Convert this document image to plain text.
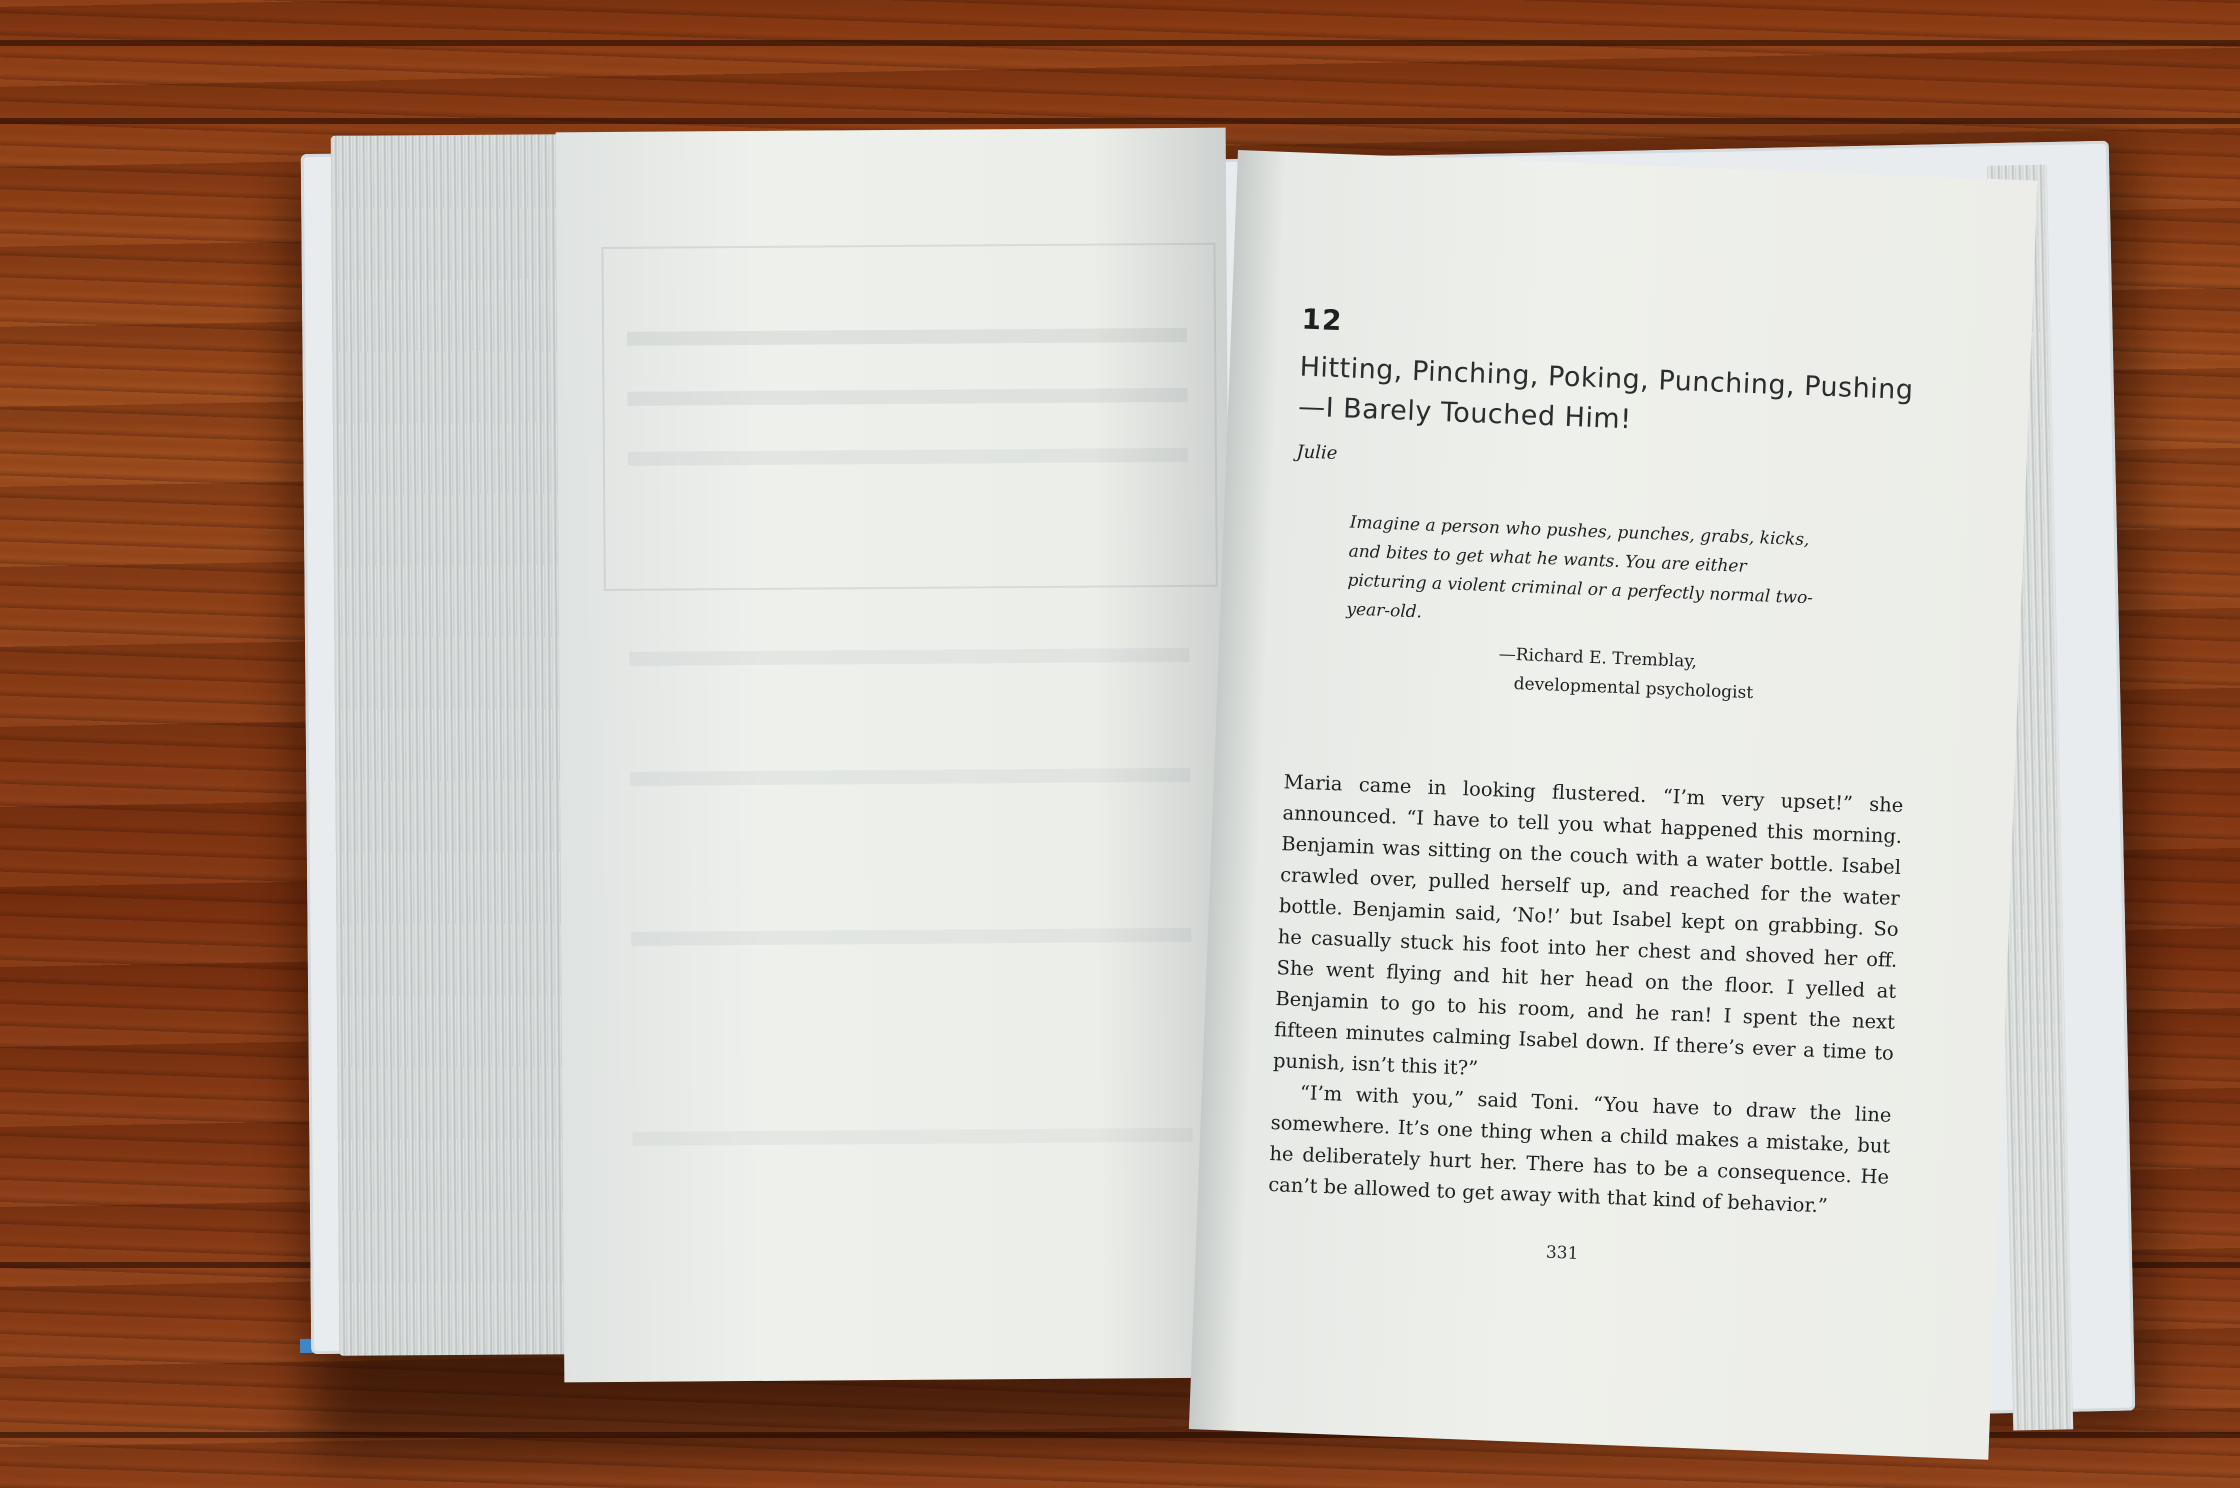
12
Hitting, Pinching, Poking, Punching, Pushing—I Barely Touched Him!
Julie
Imagine a person who pushes, punches, grabs, kicks, and bites to get what he wants. You are either picturing a violent criminal or a perfectly normal two-year-old.
—Richard E. Tremblay,
developmental psychologist

Maria came in looking flustered. “I’m very upset!” she announced. “I have to tell you what happened this morning. Benjamin was sitting on the couch with a water bottle. Isabel crawled over, pulled herself up, and reached for the water bottle. Benjamin said, ‘No!’ but Isabel kept on grabbing. So he casually stuck his foot into her chest and shoved her off. She went flying and hit her head on the floor. I yelled at Benjamin to go to his room, and he ran! I spent the next fifteen minutes calming Isabel down. If there’s ever a time to punish, isn’t this it?”

“I’m with you,” said Toni. “You have to draw the line somewhere. It’s one thing when a child makes a mistake, but he deliberately hurt her. There has to be a consequence. He can’t be allowed to get away with that kind of behavior.”

331
